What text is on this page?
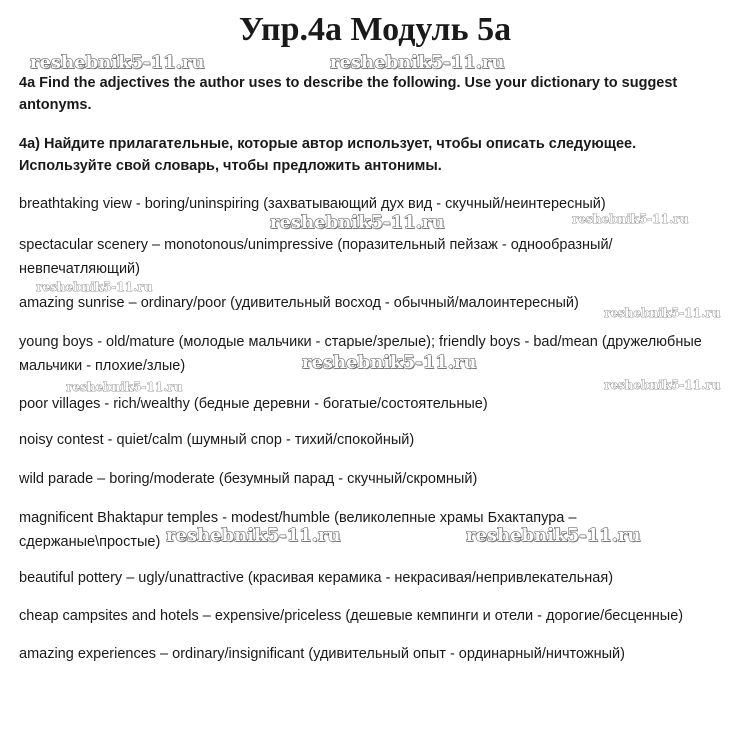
Упр.4а Модуль 5а

4a Find the adjectives the author uses to describe the following. Use your dictionary to suggest antonyms.

4а) Найдите прилагательные, которые автор использует, чтобы описать следующее. Используйте свой словарь, чтобы предложить антонимы.

breathtaking view - boring/uninspiring (захватывающий дух вид - скучный/неинтересный)

spectacular scenery – monotonous/unimpressive (поразительный пейзаж - однообразный/невпечатляющий)

amazing sunrise – ordinary/poor (удивительный восход - обычный/малоинтересный)

young boys - old/mature (молодые мальчики - старые/зрелые); friendly boys - bad/mean (дружелюбные мальчики - плохие/злые)

poor villages - rich/wealthy (бедные деревни - богатые/состоятельные)

noisy contest - quiet/calm (шумный спор - тихий/спокойный)

wild parade – boring/moderate (безумный парад - скучный/скромный)

magnificent Bhaktapur temples - modest/humble (великолепные храмы Бхактапура – сдержаные\простые)

beautiful pottery – ugly/unattractive (красивая керамика - некрасивая/непривлекательная)

cheap campsites and hotels – expensive/priceless (дешевые кемпинги и отели - дорогие/бесценные)

amazing experiences – ordinary/insignificant (удивительный опыт - ординарный/ничтожный)

reshebnik5-11.ru	reshebnik5-11.ru
reshebnik5-11.ru	reshebnik5-11.ru
reshebnik5-11.ru
reshebnik5-11.ru
reshebnik5-11.ru
reshebnik5-11.ru	reshebnik5-11.ru
reshebnik5-11.ru	reshebnik5-11.ru
